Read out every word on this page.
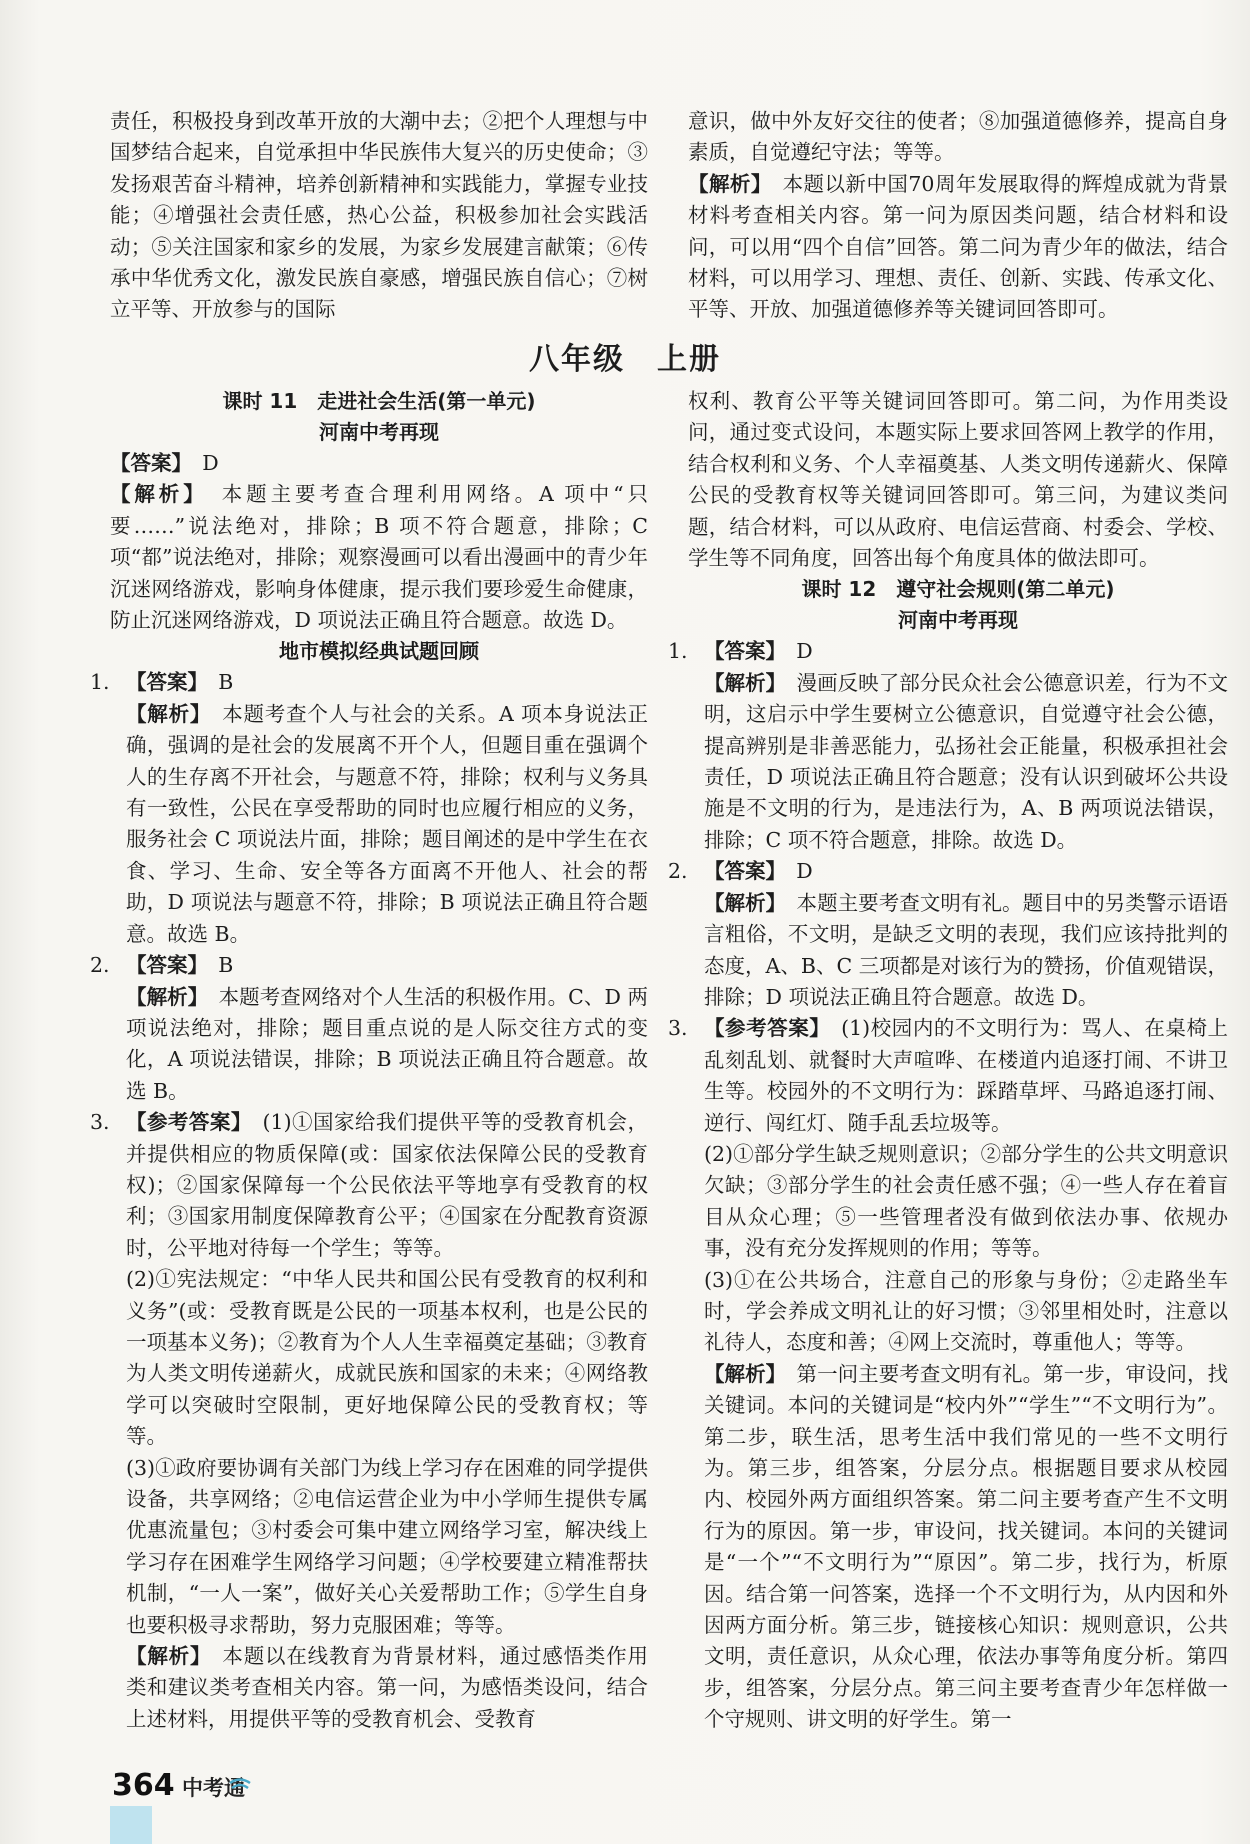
责任，积极投身到改革开放的大潮中去；②把个人理想与中国梦结合起来，自觉承担中华民族伟大复兴的历史使命；③发扬艰苦奋斗精神，培养创新精神和实践能力，掌握专业技能；④增强社会责任感，热心公益，积极参加社会实践活动；⑤关注国家和家乡的发展，为家乡发展建言献策；⑥传承中华优秀文化，激发民族自豪感，增强民族自信心；⑦树立平等、开放参与的国际

意识，做中外友好交往的使者；⑧加强道德修养，提高自身素质，自觉遵纪守法；等等。

【解析】　 本题以新中国70周年发展取得的辉煌成就为背景材料考查相关内容。第一问为原因类问题，结合材料和设问，可以用“四个自信”回答。第二问为青少年的做法，结合材料，可以用学习、理想、责任、创新、实践、传承文化、平等、开放、加强道德修养等关键词回答即可。

八年级　上册
课时 11　走进社会生活(第一单元)
河南中考再现

【答案】　 D

【解析】　 本题主要考查合理利用网络。A 项中“只要……”说法绝对，排除；B 项不符合题意，排除；C 项“都”说法绝对，排除；观察漫画可以看出漫画中的青少年沉迷网络游戏，影响身体健康，提示我们要珍爱生命健康，防止沉迷网络游戏，D 项说法正确且符合题意。故选 D。

地市模拟经典试题回顾
1. 【答案】　 B

【解析】　 本题考查个人与社会的关系。A 项本身说法正确，强调的是社会的发展离不开个人，但题目重在强调个人的生存离不开社会，与题意不符，排除；权利与义务具有一致性，公民在享受帮助的同时也应履行相应的义务，服务社会 C 项说法片面，排除；题目阐述的是中学生在衣食、学习、生命、安全等各方面离不开他人、社会的帮助，D 项说法与题意不符，排除；B 项说法正确且符合题意。故选 B。

2. 【答案】　 B

【解析】　 本题考查网络对个人生活的积极作用。C、D 两项说法绝对，排除；题目重点说的是人际交往方式的变化，A 项说法错误，排除；B 项说法正确且符合题意。故选 B。

3. 【参考答案】　 (1)①国家给我们提供平等的受教育机会，并提供相应的物质保障(或：国家依法保障公民的受教育权)；②国家保障每一个公民依法平等地享有受教育的权利；③国家用制度保障教育公平；④国家在分配教育资源时，公平地对待每一个学生；等等。

(2)①宪法规定：“中华人民共和国公民有受教育的权利和义务”(或：受教育既是公民的一项基本权利，也是公民的一项基本义务)；②教育为个人人生幸福奠定基础；③教育为人类文明传递薪火，成就民族和国家的未来；④网络教学可以突破时空限制，更好地保障公民的受教育权；等等。

(3)①政府要协调有关部门为线上学习存在困难的同学提供设备，共享网络；②电信运营企业为中小学师生提供专属优惠流量包；③村委会可集中建立网络学习室，解决线上学习存在困难学生网络学习问题；④学校要建立精准帮扶机制，“一人一案”，做好关心关爱帮助工作；⑤学生自身也要积极寻求帮助，努力克服困难；等等。

【解析】　 本题以在线教育为背景材料，通过感悟类作用类和建议类考查相关内容。第一问，为感悟类设问，结合上述材料，用提供平等的受教育机会、受教育

权利、教育公平等关键词回答即可。第二问，为作用类设问，通过变式设问，本题实际上要求回答网上教学的作用，结合权利和义务、个人幸福奠基、人类文明传递薪火、保障公民的受教育权等关键词回答即可。第三问，为建议类问题，结合材料，可以从政府、电信运营商、村委会、学校、学生等不同角度，回答出每个角度具体的做法即可。

课时 12　遵守社会规则(第二单元)
河南中考再现
1. 【答案】　 D

【解析】　 漫画反映了部分民众社会公德意识差，行为不文明，这启示中学生要树立公德意识，自觉遵守社会公德，提高辨别是非善恶能力，弘扬社会正能量，积极承担社会责任，D 项说法正确且符合题意；没有认识到破坏公共设施是不文明的行为，是违法行为，A、B 两项说法错误，排除；C 项不符合题意，排除。故选 D。

2. 【答案】　 D

【解析】　 本题主要考查文明有礼。题目中的另类警示语语言粗俗，不文明，是缺乏文明的表现，我们应该持批判的态度，A、B、C 三项都是对该行为的赞扬，价值观错误，排除；D 项说法正确且符合题意。故选 D。

3. 【参考答案】　 (1)校园内的不文明行为：骂人、在桌椅上乱刻乱划、就餐时大声喧哗、在楼道内追逐打闹、不讲卫生等。校园外的不文明行为：踩踏草坪、马路追逐打闹、逆行、闯红灯、随手乱丢垃圾等。

(2)①部分学生缺乏规则意识；②部分学生的公共文明意识欠缺；③部分学生的社会责任感不强；④一些人存在着盲目从众心理；⑤一些管理者没有做到依法办事、依规办事，没有充分发挥规则的作用；等等。

(3)①在公共场合，注意自己的形象与身份；②走路坐车时，学会养成文明礼让的好习惯；③邻里相处时，注意以礼待人，态度和善；④网上交流时，尊重他人；等等。

【解析】　 第一问主要考查文明有礼。第一步，审设问，找关键词。本问的关键词是“校内外”“学生”“不文明行为”。第二步，联生活，思考生活中我们常见的一些不文明行为。第三步，组答案，分层分点。根据题目要求从校园内、校园外两方面组织答案。第二问主要考查产生不文明行为的原因。第一步，审设问，找关键词。本问的关键词是“一个”“不文明行为”“原因”。第二步，找行为，析原因。结合第一问答案，选择一个不文明行为，从内因和外因两方面分析。第三步，链接核心知识：规则意识，公共文明，责任意识，从众心理，依法办事等角度分析。第四步，组答案，分层分点。第三问主要考查青少年怎样做一个守规则、讲文明的好学生。第一

364 中考通
